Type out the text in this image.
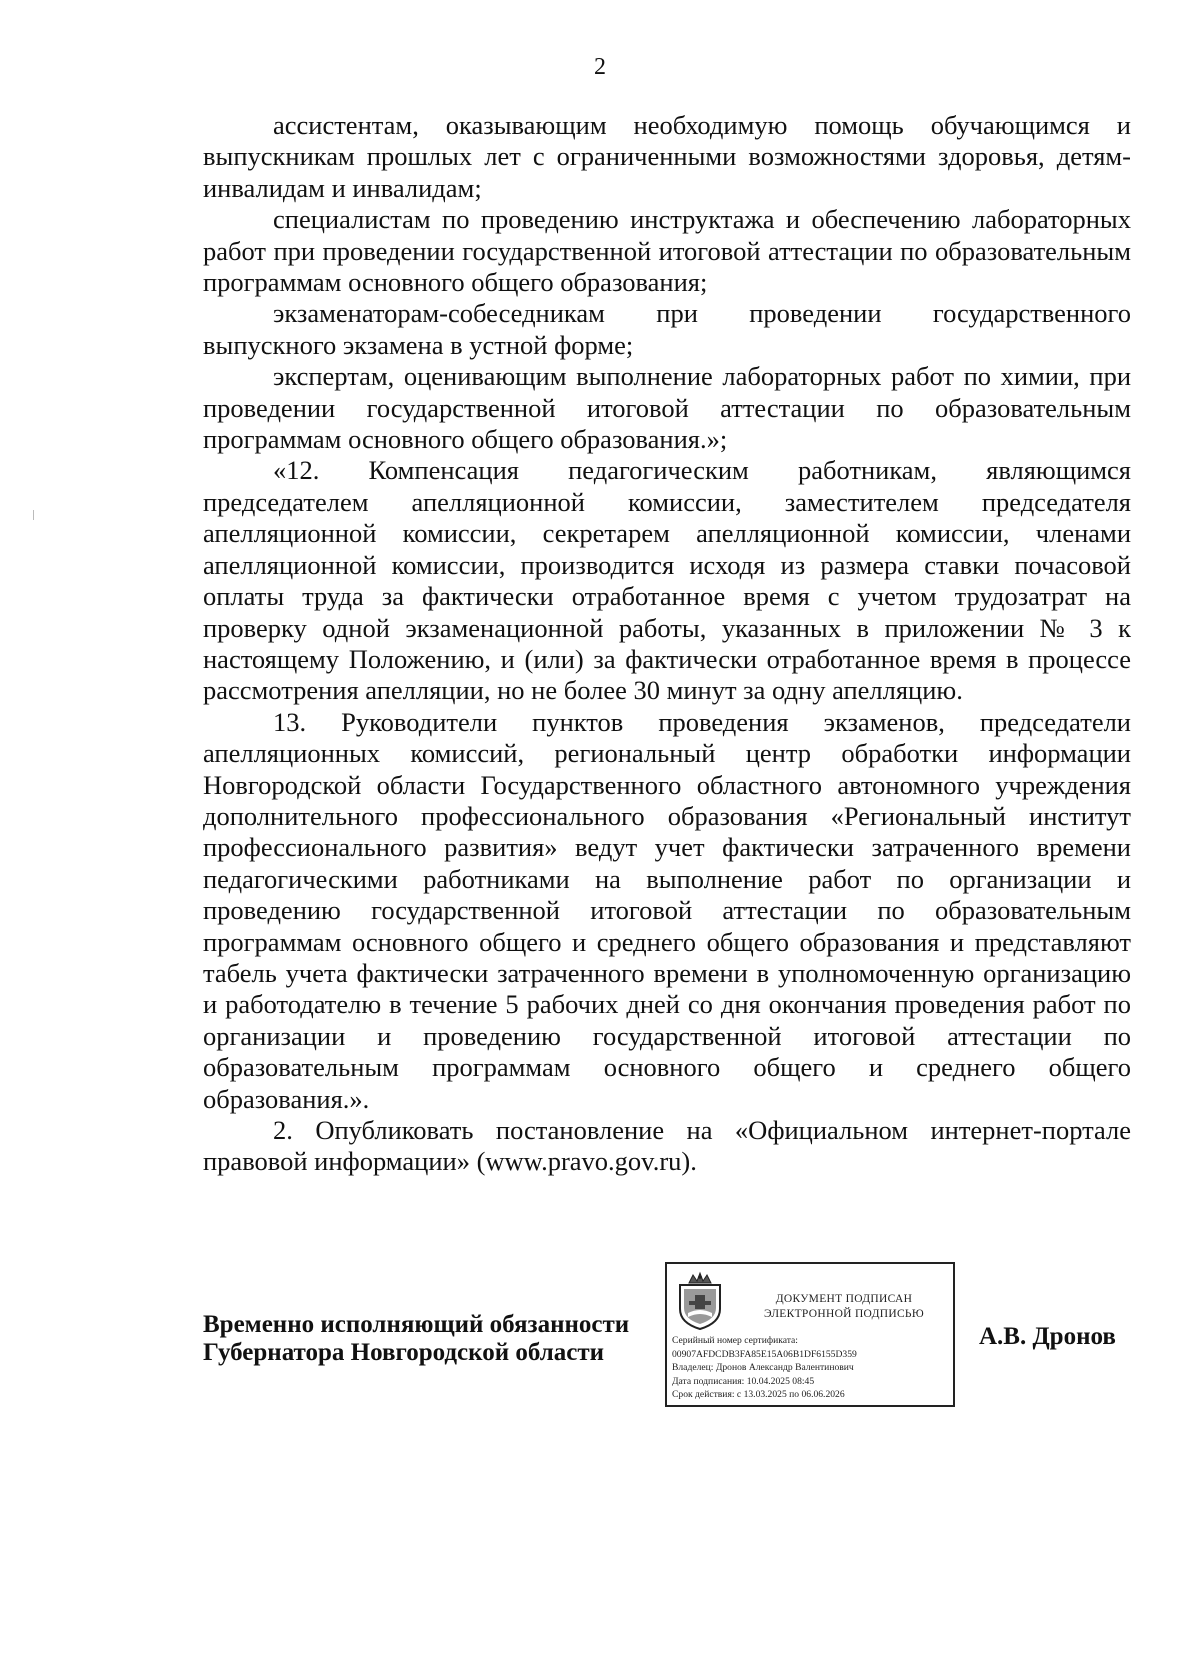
2

ассистентам, оказывающим необходимую помощь обучающимся и выпускникам прошлых лет с ограниченными возможностями здоровья, детям-инвалидам и инвалидам;

специалистам по проведению инструктажа и обеспечению лабораторных работ при проведении государственной итоговой аттестации по образовательным программам основного общего образования;

экзаменаторам-собеседникам при проведении государственного выпускного экзамена в устной форме;

экспертам, оценивающим выполнение лабораторных работ по химии, при проведении государственной итоговой аттестации по образовательным программам основного общего образования.»;

«12. Компенсация педагогическим работникам, являющимся председателем апелляционной комиссии, заместителем председателя апелляционной комиссии, секретарем апелляционной комиссии, членами апелляционной комиссии, производится исходя из размера ставки почасовой оплаты труда за фактически отработанное время с учетом трудозатрат на проверку одной экзаменационной работы, указанных в приложении № 3 к настоящему Положению, и (или) за фактически отработанное время в процессе рассмотрения апелляции, но не более 30 минут за одну апелляцию.

13. Руководители пунктов проведения экзаменов, председатели апелляционных комиссий, региональный центр обработки информации Новгородской области Государственного областного автономного учреждения дополнительного профессионального образования «Региональный институт профессионального развития» ведут учет фактически затраченного времени педагогическими работниками на выполнение работ по организации и проведению государственной итоговой аттестации по образовательным программам основного общего и среднего общего образования и представляют табель учета фактически затраченного времени в уполномоченную организацию и работодателю в течение 5 рабочих дней со дня окончания проведения работ по организации и проведению государственной итоговой аттестации по образовательным программам основного общего и среднего общего образования.».

2. Опубликовать постановление на «Официальном интернет-портале правовой информации» (www.pravo.gov.ru).

Временно исполняющий обязанности
Губернатора Новгородской области
ДОКУМЕНТ ПОДПИСАН
ЭЛЕКТРОННОЙ ПОДПИСЬЮ
Серийный номер сертификата:
00907AFDCDB3FA85E15A06B1DF6155D359
Владелец: Дронов Александр Валентинович
Дата подписания: 10.04.2025 08:45
Срок действия: с 13.03.2025 по 06.06.2026
А.В. Дронов
